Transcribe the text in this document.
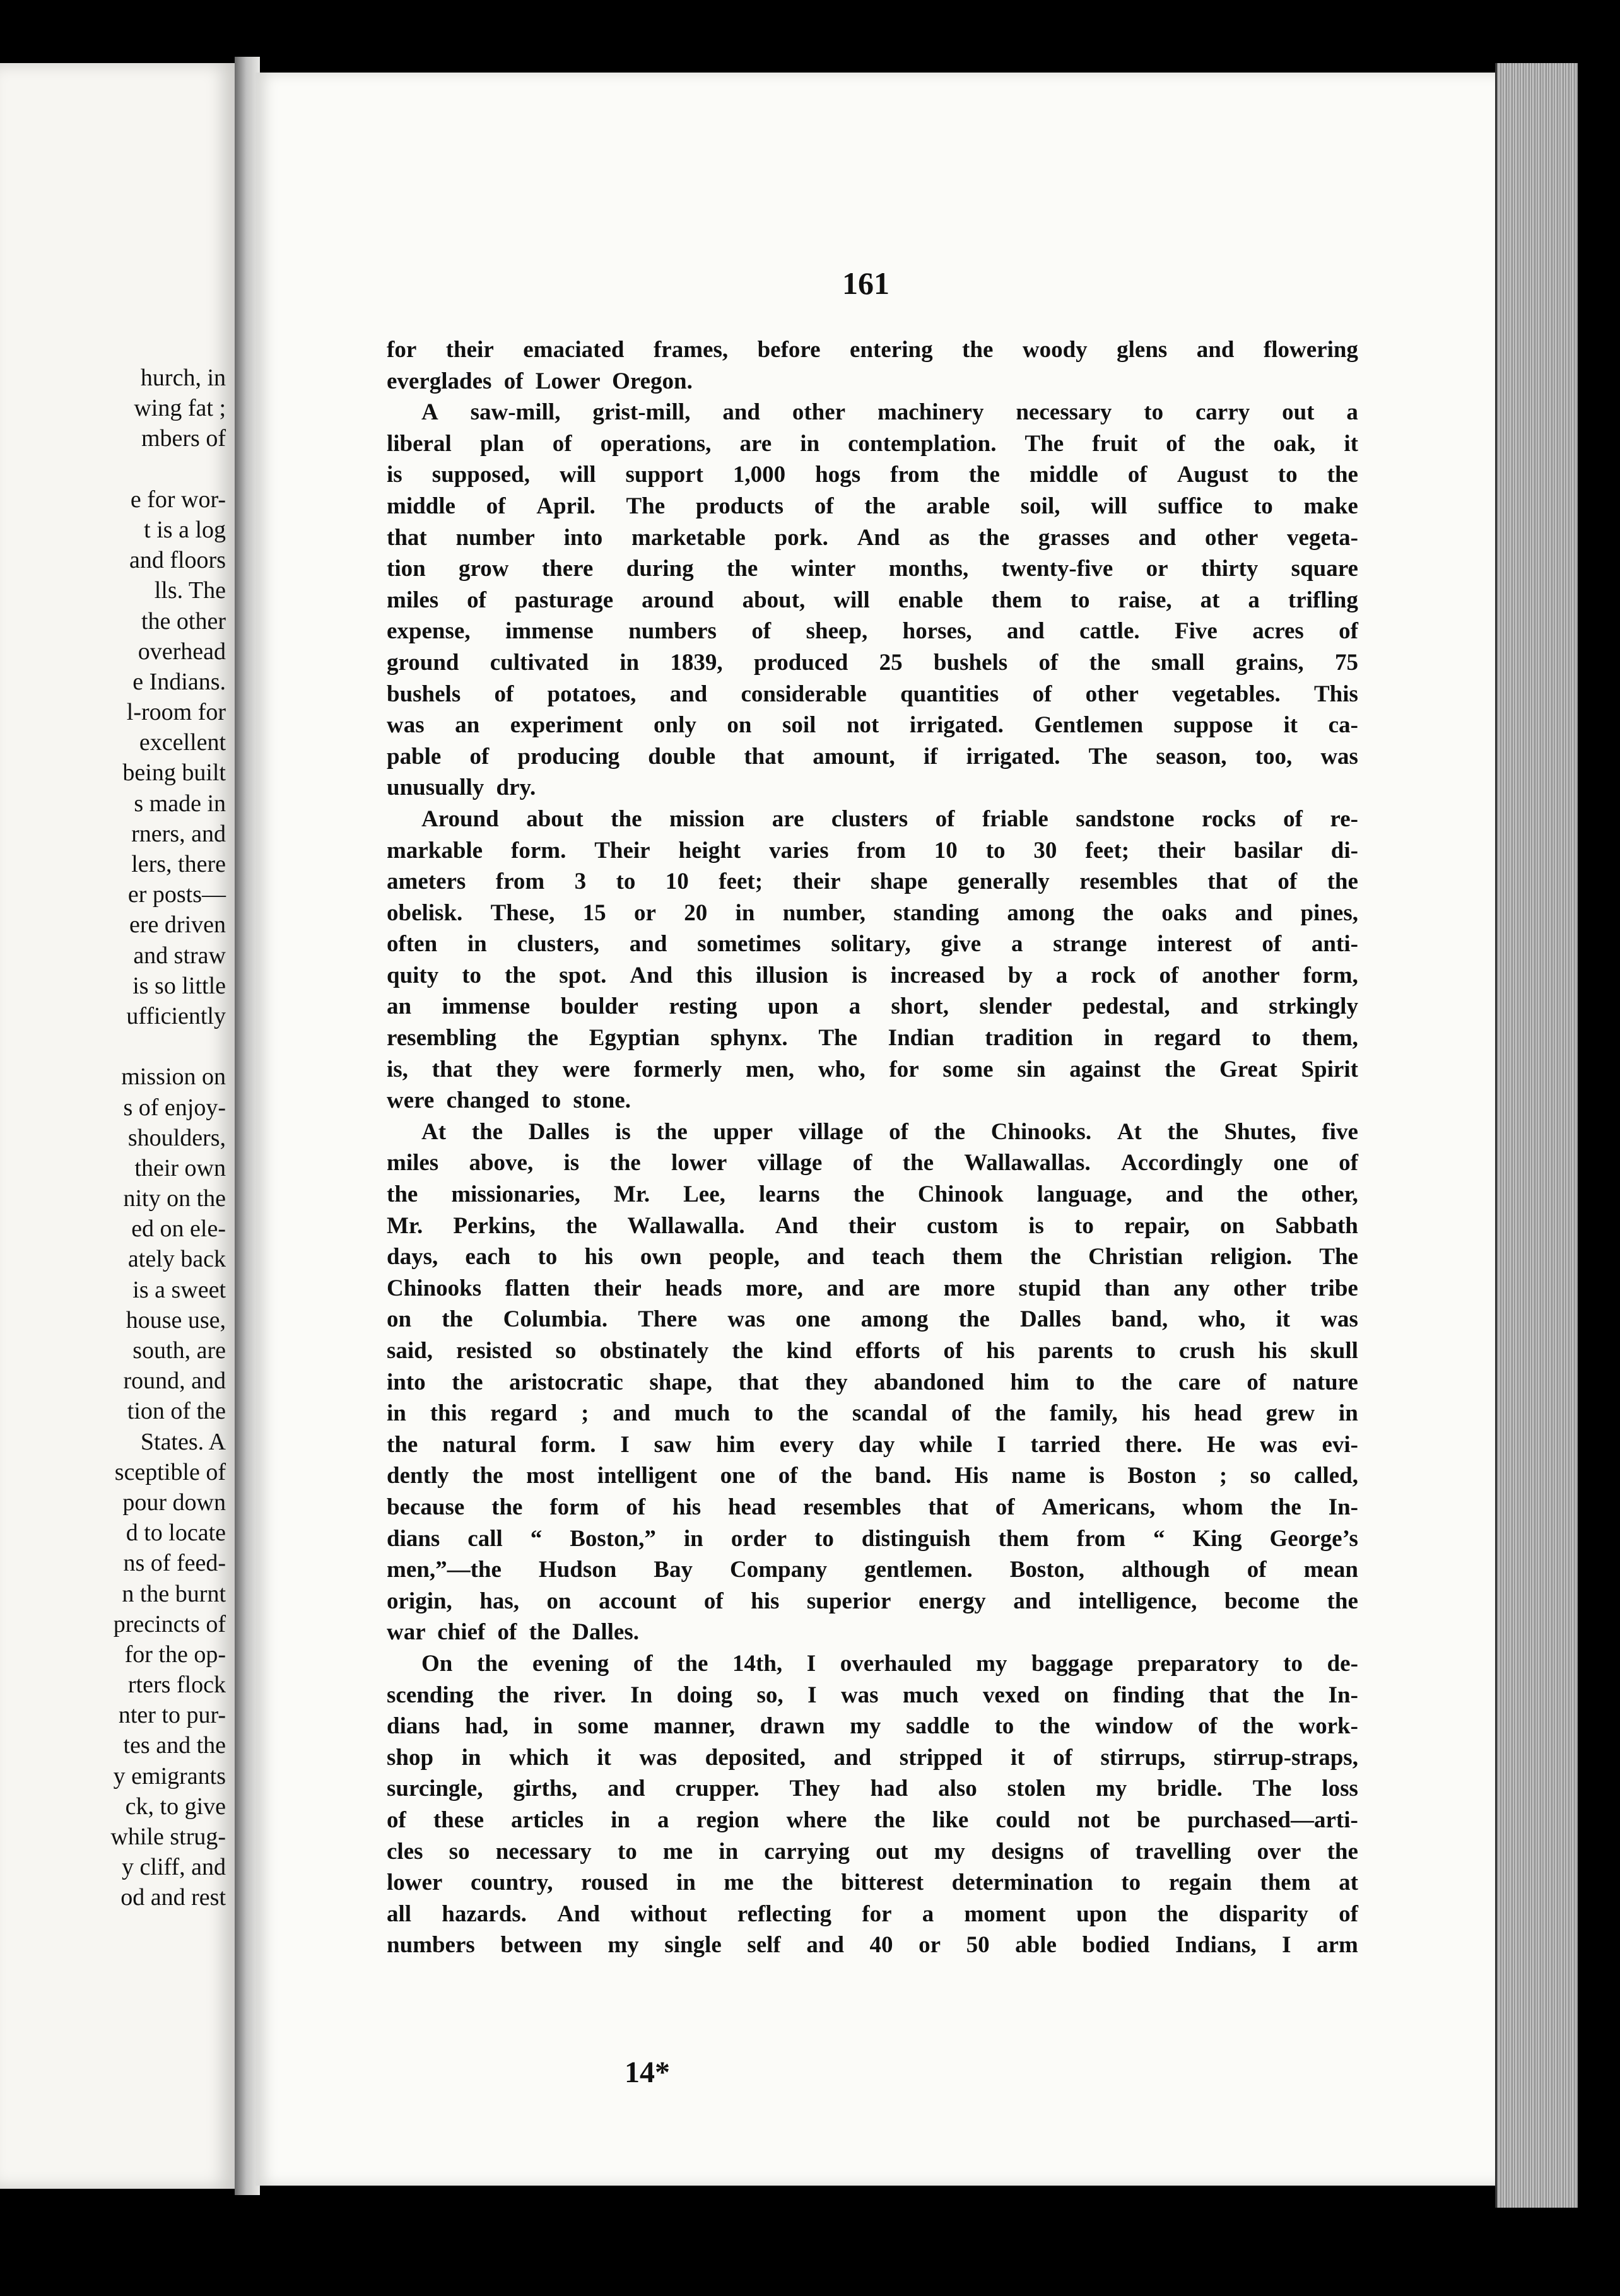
hurch, in
wing fat ;
mbers of
e for wor-
t is a log
and floors
lls. The
the other
overhead
e Indians.
l-room for
excellent
being built
s made in
rners, and
lers, there
er posts—
ere driven
and straw
is so little
ufficiently
mission on
s of enjoy-
shoulders,
their own
nity on the
ed on ele-
ately back
is a sweet
house use,
south, are
round, and
tion of the
States. A
sceptible of
pour down
d to locate
ns of feed-
n the burnt
precincts of
for the op-
rters flock
nter to pur-
tes and the
y emigrants
ck, to give
while strug-
y cliff, and
od and rest
161
for their emaciated frames, before entering the woody glens and flowering
everglades of Lower Oregon.
A saw-mill, grist-mill, and other machinery necessary to carry out a
liberal plan of operations, are in contemplation. The fruit of the oak, it
is supposed, will support 1,000 hogs from the middle of August to the
middle of April. The products of the arable soil, will suffice to make
that number into marketable pork. And as the grasses and other vegeta-
tion grow there during the winter months, twenty-five or thirty square
miles of pasturage around about, will enable them to raise, at a trifling
expense, immense numbers of sheep, horses, and cattle. Five acres of
ground cultivated in 1839, produced 25 bushels of the small grains, 75
bushels of potatoes, and considerable quantities of other vegetables. This
was an experiment only on soil not irrigated. Gentlemen suppose it ca-
pable of producing double that amount, if irrigated. The season, too, was
unusually dry.
Around about the mission are clusters of friable sandstone rocks of re-
markable form. Their height varies from 10 to 30 feet; their basilar di-
ameters from 3 to 10 feet; their shape generally resembles that of the
obelisk. These, 15 or 20 in number, standing among the oaks and pines,
often in clusters, and sometimes solitary, give a strange interest of anti-
quity to the spot. And this illusion is increased by a rock of another form,
an immense boulder resting upon a short, slender pedestal, and strkingly
resembling the Egyptian sphynx. The Indian tradition in regard to them,
is, that they were formerly men, who, for some sin against the Great Spirit
were changed to stone.
At the Dalles is the upper village of the Chinooks. At the Shutes, five
miles above, is the lower village of the Wallawallas. Accordingly one of
the missionaries, Mr. Lee, learns the Chinook language, and the other,
Mr. Perkins, the Wallawalla. And their custom is to repair, on Sabbath
days, each to his own people, and teach them the Christian religion. The
Chinooks flatten their heads more, and are more stupid than any other tribe
on the Columbia. There was one among the Dalles band, who, it was
said, resisted so obstinately the kind efforts of his parents to crush his skull
into the aristocratic shape, that they abandoned him to the care of nature
in this regard ; and much to the scandal of the family, his head grew in
the natural form. I saw him every day while I tarried there. He was evi-
dently the most intelligent one of the band. His name is Boston ; so called,
because the form of his head resembles that of Americans, whom the In-
dians call “ Boston,” in order to distinguish them from “ King George’s
men,”—the Hudson Bay Company gentlemen. Boston, although of mean
origin, has, on account of his superior energy and intelligence, become the
war chief of the Dalles.
On the evening of the 14th, I overhauled my baggage preparatory to de-
scending the river. In doing so, I was much vexed on finding that the In-
dians had, in some manner, drawn my saddle to the window of the work-
shop in which it was deposited, and stripped it of stirrups, stirrup-straps,
surcingle, girths, and crupper. They had also stolen my bridle. The loss
of these articles in a region where the like could not be purchased—arti-
cles so necessary to me in carrying out my designs of travelling over the
lower country, roused in me the bitterest determination to regain them at
all hazards. And without reflecting for a moment upon the disparity of
numbers between my single self and 40 or 50 able bodied Indians, I arm
14*
